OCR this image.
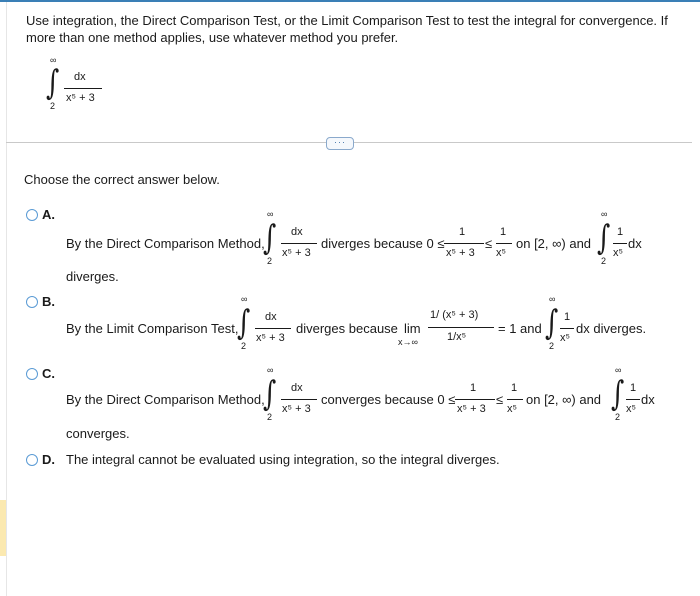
Use integration, the Direct Comparison Test, or the Limit Comparison Test to test the integral for convergence. If more than one method applies, use whatever method you prefer.
∞
∫
2
dx
x⁵ + 3
···
Choose the correct answer below.
A.
By the Direct Comparison Method,
∞
∫
2
dx
x⁵ + 3
diverges because 0 ≤
1
x⁵ + 3
≤
1
x⁵
on [2, ∞) and
∞
∫
2
1
x⁵
dx
diverges.
B.
By the Limit Comparison Test,
∞
∫
2
dx
x⁵ + 3
diverges because lim
x→∞
1/ (x⁵ + 3)
1/x⁵
= 1 and
∞
∫
2
1
x⁵
dx diverges.
C.
By the Direct Comparison Method,
∞
∫
2
dx
x⁵ + 3
converges because 0 ≤
1
x⁵ + 3
≤
1
x⁵
on [2, ∞) and
∞
∫
2
1
x⁵
dx
converges.
D. The integral cannot be evaluated using integration, so the integral diverges.
